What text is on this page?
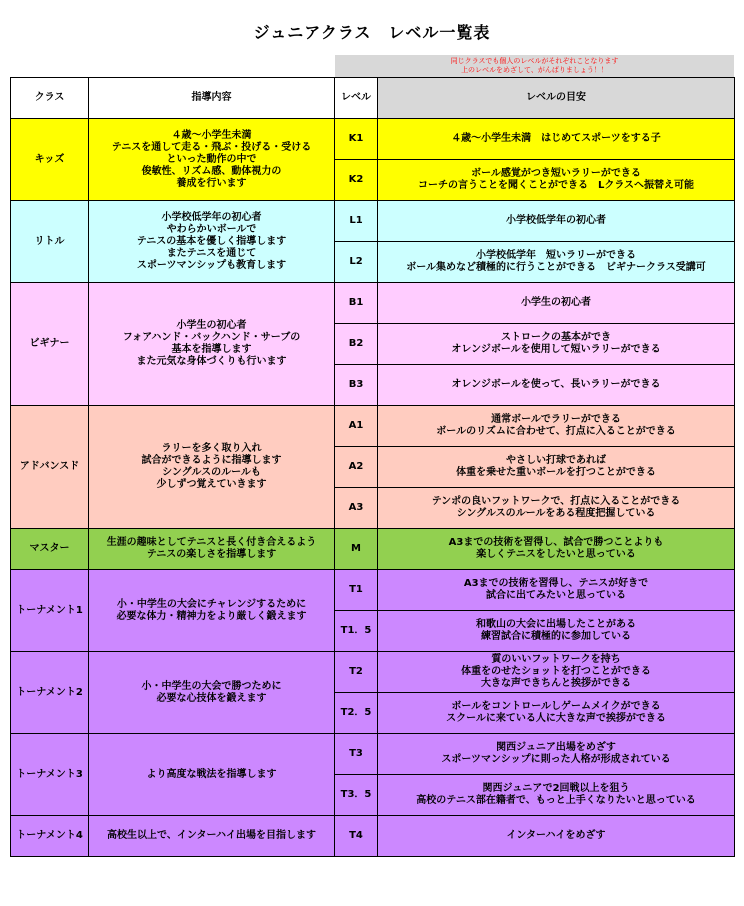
ジュニアクラス　レベル一覧表
同じクラスでも個人のレベルがそれぞれことなります
上のレベルをめざして、がんばりましょう！！
クラス	指導内容	レベル	レベルの目安
キッズ	４歳～小学生未満
テニスを通して走る・飛ぶ・投げる・受ける
といった動作の中で
俊敏性、リズム感、動体視力の
養成を行います	K1	４歳～小学生未満　はじめてスポーツをする子
		K2	ボール感覚がつき短いラリーができる
コーチの言うことを聞くことができる　Lクラスへ振替え可能
リトル	小学校低学年の初心者
やわらかいボールで
テニスの基本を優しく指導します
またテニスを通じて
スポーツマンシップも教育します	L1	小学校低学年の初心者
		L2	小学校低学年　短いラリーができる
ボール集めなど積極的に行うことができる　ビギナークラス受講可
ビギナー	小学生の初心者
フォアハンド・バックハンド・サーブの
基本を指導します
また元気な身体づくりも行います	B1	小学生の初心者
		B2	ストロークの基本ができ
オレンジボールを使用して短いラリーができる
		B3	オレンジボールを使って、長いラリーができる
アドバンスド	ラリーを多く取り入れ
試合ができるように指導します
シングルスのルールも
少しずつ覚えていきます	A1	通常ボールでラリーができる
ボールのリズムに合わせて、打点に入ることができる
		A2	やさしい打球であれば
体重を乗せた重いボールを打つことができる
		A3	テンポの良いフットワークで、打点に入ることができる
シングルスのルールをある程度把握している
マスター	生涯の趣味としてテニスと長く付き合えるよう
テニスの楽しさを指導します	M	A3までの技術を習得し、試合で勝つことよりも
楽しくテニスをしたいと思っている
トーナメント1	小・中学生の大会にチャレンジするために
必要な体力・精神力をより厳しく鍛えます	T1	A3までの技術を習得し、テニスが好きで
試合に出てみたいと思っている
		T1．5	和歌山の大会に出場したことがある
練習試合に積極的に参加している
トーナメント2	小・中学生の大会で勝つために
必要な心技体を鍛えます	T2	質のいいフットワークを持ち
体重をのせたショットを打つことができる
大きな声できちんと挨拶ができる
		T2．5	ボールをコントロールしゲームメイクができる
スクールに来ている人に大きな声で挨拶ができる
トーナメント3	より高度な戦法を指導します	T3	関西ジュニア出場をめざす
スポーツマンシップに則った人格が形成されている
		T3．5	関西ジュニアで2回戦以上を狙う
高校のテニス部在籍者で、もっと上手くなりたいと思っている
トーナメント4	高校生以上で、インターハイ出場を目指します	T4	インターハイをめざす
